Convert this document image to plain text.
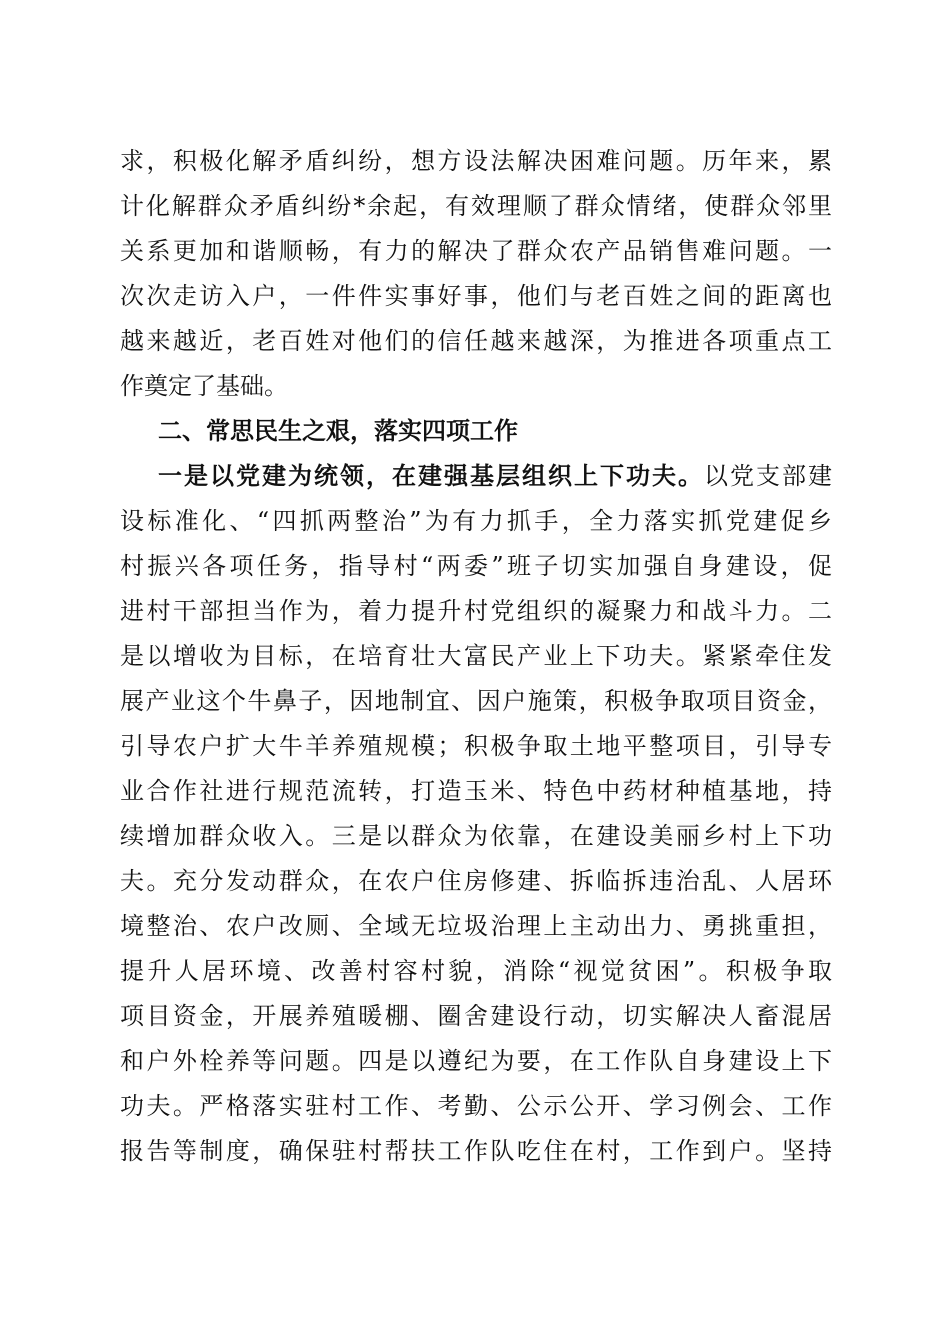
求，积极化解矛盾纠纷，想方设法解决困难问题。历年来，累
计化解群众矛盾纠纷*余起，有效理顺了群众情绪，使群众邻里
关系更加和谐顺畅，有力的解决了群众农产品销售难问题。一
次次走访入户，一件件实事好事，他们与老百姓之间的距离也
越来越近，老百姓对他们的信任越来越深，为推进各项重点工
作奠定了基础。
二、常思民生之艰，落实四项工作
一是以党建为统领，在建强基层组织上下功夫。以党支部建
设标准化、“四抓两整治”为有力抓手，全力落实抓党建促乡
村振兴各项任务，指导村“两委”班子切实加强自身建设，促
进村干部担当作为，着力提升村党组织的凝聚力和战斗力。二
是以增收为目标，在培育壮大富民产业上下功夫。紧紧牵住发
展产业这个牛鼻子，因地制宜、因户施策，积极争取项目资金，
引导农户扩大牛羊养殖规模；积极争取土地平整项目，引导专
业合作社进行规范流转，打造玉米、特色中药材种植基地，持
续增加群众收入。三是以群众为依靠，在建设美丽乡村上下功
夫。充分发动群众，在农户住房修建、拆临拆违治乱、人居环
境整治、农户改厕、全域无垃圾治理上主动出力、勇挑重担，
提升人居环境、改善村容村貌，消除“视觉贫困”。积极争取
项目资金，开展养殖暖棚、圈舍建设行动，切实解决人畜混居
和户外栓养等问题。四是以遵纪为要，在工作队自身建设上下
功夫。严格落实驻村工作、考勤、公示公开、学习例会、工作
报告等制度，确保驻村帮扶工作队吃住在村，工作到户。坚持
